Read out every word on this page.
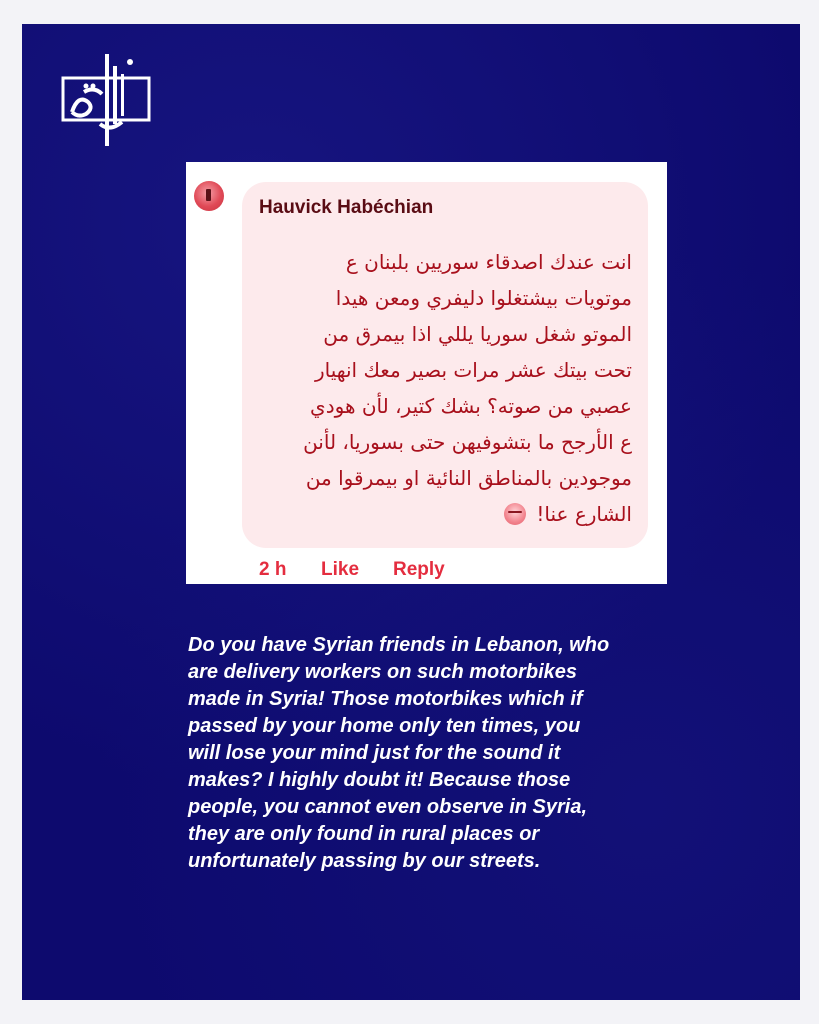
Hauvick Habéchian
انت عندك اصدقاء سوريين بلبنان ع
موتويات بيشتغلوا دليفري ومعن هيدا
الموتو شغل سوريا يللي اذا بيمرق من
تحت بيتك عشر مرات بصير معك انهيار
عصبي من صوته؟ بشك كتير، لأن هودي
ع الأرجح ما بتشوفيهن حتى بسوريا، لأنن
موجودين بالمناطق النائية او بيمرقوا من
الشارع عنا!
2 h	Like	Reply
Do you have Syrian friends in Lebanon, who
are delivery workers on such motorbikes
made in Syria! Those motorbikes which if
passed by your home only ten times, you
will lose your mind just for the sound it
makes? I highly doubt it! Because those
people, you cannot even observe in Syria,
they are only found in rural places or
unfortunately passing by our streets.
